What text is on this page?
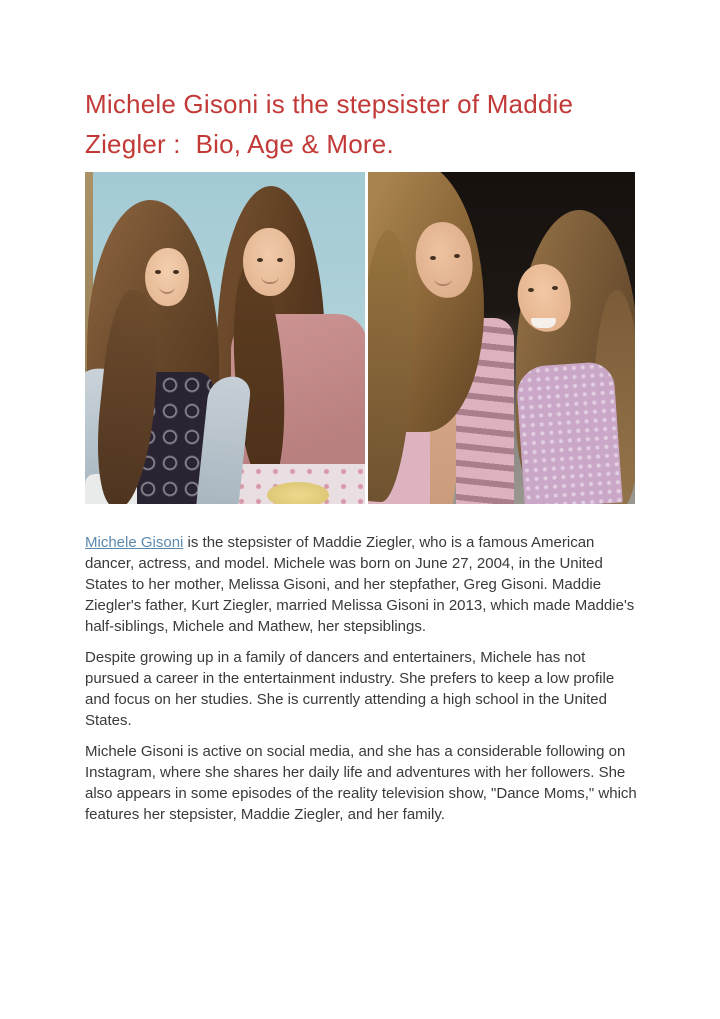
Michele Gisoni is the stepsister of Maddie Ziegler :  Bio, Age & More.

Michele Gisoni is the stepsister of Maddie Ziegler, who is a famous American dancer, actress, and model. Michele was born on June 27, 2004, in the United States to her mother, Melissa Gisoni, and her stepfather, Greg Gisoni. Maddie Ziegler's father, Kurt Ziegler, married Melissa Gisoni in 2013, which made Maddie's half-siblings, Michele and Mathew, her stepsiblings.

Despite growing up in a family of dancers and entertainers, Michele has not pursued a career in the entertainment industry. She prefers to keep a low profile and focus on her studies. She is currently attending a high school in the United States.

Michele Gisoni is active on social media, and she has a considerable following on Instagram, where she shares her daily life and adventures with her followers. She also appears in some episodes of the reality television show, "Dance Moms," which features her stepsister, Maddie Ziegler, and her family.
